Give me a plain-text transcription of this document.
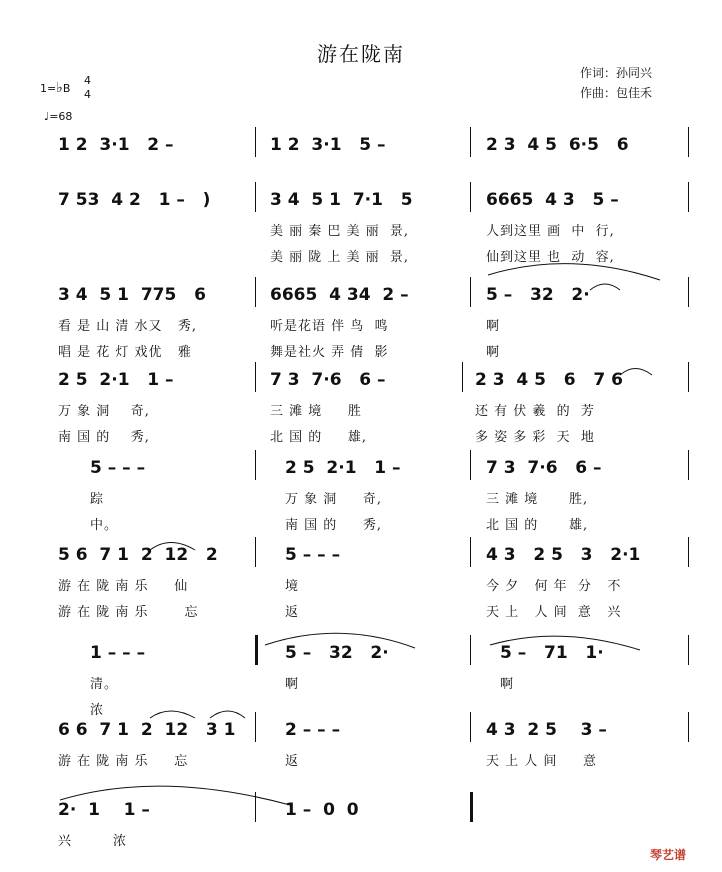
游在陇南
作词：孙同兴
作曲：包佳禾
1=♭B
4
4
♩=68
1 2  3·1   2 –	1 2  3·1   5 –	2 3  4 5  6·5   6
7 53  4 2   1 –   )	3 4  5 1  7·1   5	6665  4 3   5 –
美 丽 秦 巴 美 丽  景,	人到这里 画  中  行,
美 丽 陇 上 美 丽  景,	仙到这里 也  动  容,
3 4  5 1  775   6	6665  4 34  2 –	5 –   32   2·
看 是 山 清 水又   秀,	听是花语 伴 鸟  鸣	啊
唱 是 花 灯 戏优   雅	舞是社火 弄 倩  影	啊
2 5  2·1   1 –	7 3  7·6   6 –	2 3  4 5   6   7 6
万 象 洞    奇,	三 滩 境     胜	还 有 伏 羲  的  芳
南 国 的    秀,	北 国 的     雄,	多 姿 多 彩  天  地
5 – – –	2 5  2·1   1 –	7 3  7·6   6 –
踪	万 象 洞     奇,	三 滩 境      胜,
中。	南 国 的     秀,	北 国 的      雄,
5 6  7 1  2  12   2	5 – – –	4 3   2 5   3   2·1
游 在 陇 南 乐     仙	境	今 夕   何 年  分   不
游 在 陇 南 乐       忘	返	天 上   人 间  意   兴
1 – – –	5 –   32   2·	5 –   71   1·
清。	啊	啊
浓
6 6  7 1  2  12   3 1	2 – – –	4 3  2 5    3 –
游 在 陇 南 乐     忘	返	天 上 人 间     意
2·  1    1 –	1 –  0  0
兴        浓
琴艺谱
